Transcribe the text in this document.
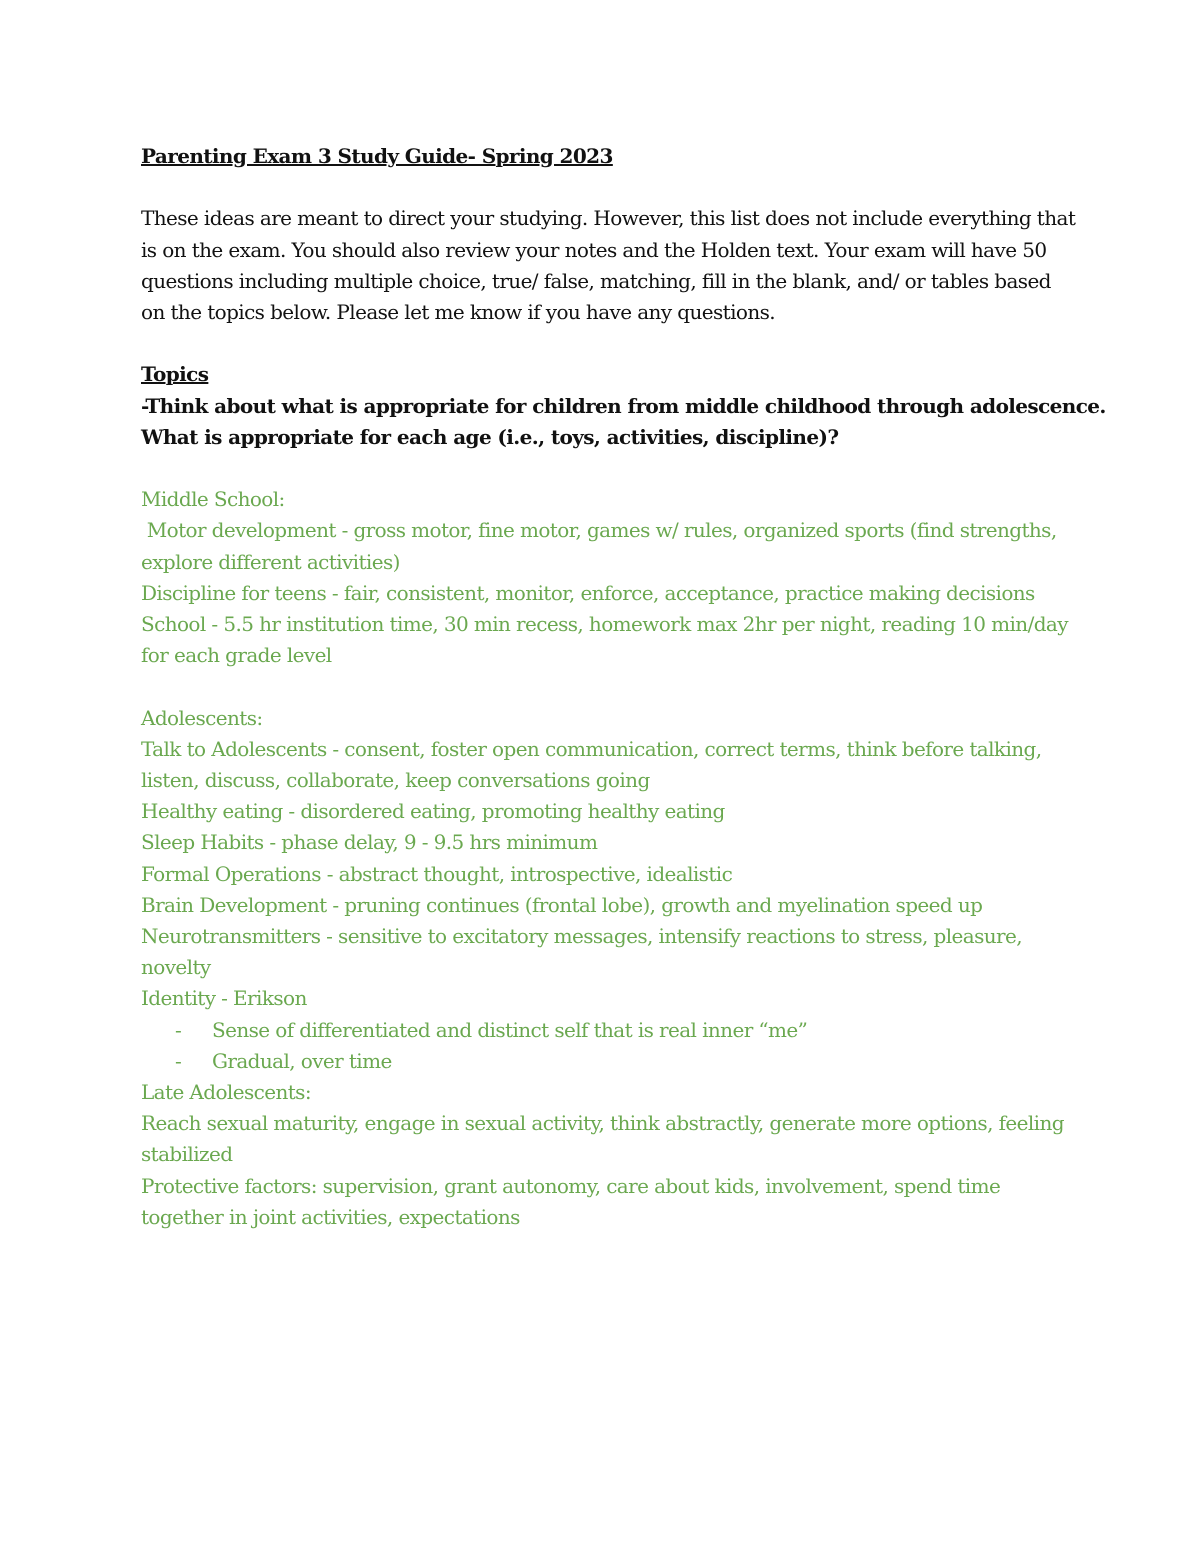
Parenting Exam 3 Study Guide- Spring 2023
These ideas are meant to direct your studying. However, this list does not include everything that
is on the exam. You should also review your notes and the Holden text. Your exam will have 50
questions including multiple choice, true/ false, matching, fill in the blank, and/ or tables based
on the topics below. Please let me know if you have any questions.
Topics
-Think about what is appropriate for children from middle childhood through adolescence.
What is appropriate for each age (i.e., toys, activities, discipline)?
Middle School:
Motor development - gross motor, fine motor, games w/ rules, organized sports (find strengths,
explore different activities)
Discipline for teens - fair, consistent, monitor, enforce, acceptance, practice making decisions
School - 5.5 hr institution time, 30 min recess, homework max 2hr per night, reading 10 min/day
for each grade level
Adolescents:
Talk to Adolescents - consent, foster open communication, correct terms, think before talking,
listen, discuss, collaborate, keep conversations going
Healthy eating - disordered eating, promoting healthy eating
Sleep Habits - phase delay, 9 - 9.5 hrs minimum
Formal Operations - abstract thought, introspective, idealistic
Brain Development - pruning continues (frontal lobe), growth and myelination speed up
Neurotransmitters - sensitive to excitatory messages, intensify reactions to stress, pleasure,
novelty
Identity - Erikson
- Sense of differentiated and distinct self that is real inner “me”
- Gradual, over time
Late Adolescents:
Reach sexual maturity, engage in sexual activity, think abstractly, generate more options, feeling
stabilized
Protective factors: supervision, grant autonomy, care about kids, involvement, spend time
together in joint activities, expectations
